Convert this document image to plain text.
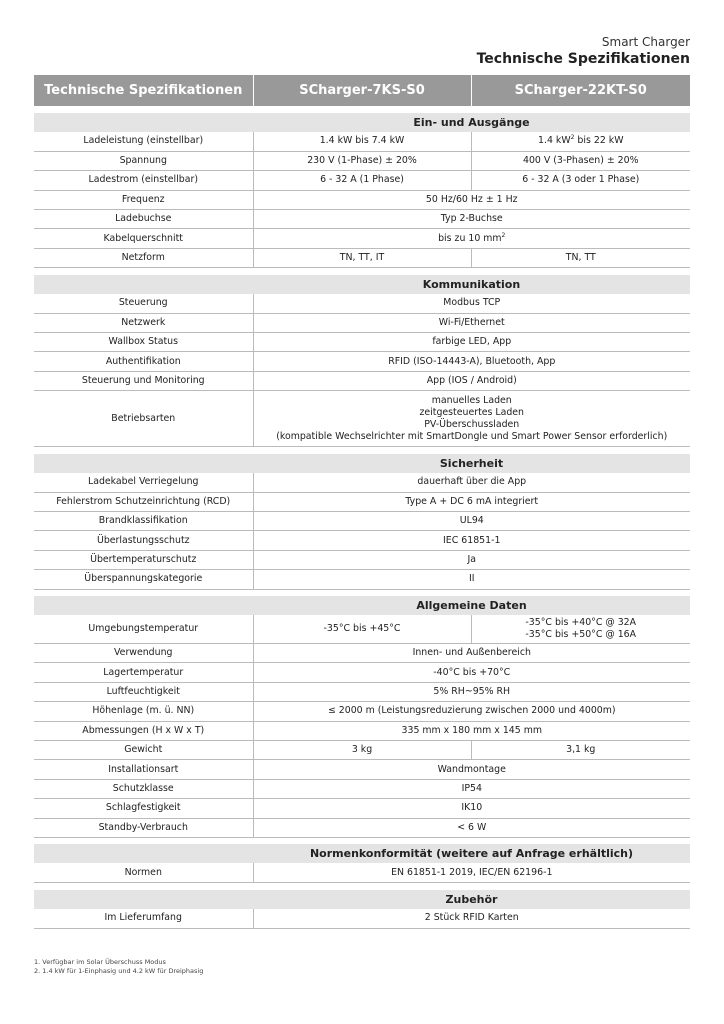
Smart Charger
Technische Spezifikationen
Technische Spezifikationen	SCharger-7KS-S0	SCharger-22KT-S0

Ein- und Ausgänge		

Ladeleistung (einstellbar)	1.4 kW bis 7.4 kW	1.4 $kW^2$ bis 22 kW
Spannung	230 V (1-Phase) ± 20%	400 V (3-Phasen) ± 20%
Ladestrom (einstellbar)	6 - 32 A (1 Phase)	6 - 32 A (3 oder 1 Phase)
Frequenz	50 Hz/60 Hz ± 1 Hz	
Ladebuchse	Typ 2-Buchse	
Kabelquerschnitt	bis zu 10 $mm^2$
Netzform	TN, TT, IT	TN, TT

Kommunikation		

Steuerung	Modbus TCP	
Netzwerk	Wi-Fi/Ethernet	
Wallbox Status	farbige LED, App	
Authentifikation	RFID (ISO-14443-A), Bluetooth, App	
Steuerung und Monitoring	App (IOS / Android)	
Betriebsarten	manuelles Laden
zeitgesteuertes Laden
PV-Überschussladen
(kompatible Wechselrichter mit SmartDongle und Smart Power Sensor erforderlich)	

Sicherheit		

Ladekabel Verriegelung	dauerhaft über die App	
Fehlerstrom Schutzeinrichtung (RCD)	Type A + DC 6 mA integriert	
Brandklassifikation	UL94	
Überlastungsschutz	IEC 61851-1	
Übertemperaturschutz	Ja	
Überspannungskategorie	II	

Allgemeine Daten		

Umgebungstemperatur	-35°C bis +45°C	-35°C bis +40°C @ 32A
-35°C bis +50°C @ 16A

Verwendung	Innen- und Außenbereich	
Lagertemperatur	-40°C bis +70°C	
Luftfeuchtigkeit	5% RH~95% RH	
Höhenlage (m. ü. NN)	≤ 2000 m (Leistungsreduzierung zwischen 2000 und 4000m)	
Abmessungen (H x W x T)	335 mm x 180 mm x 145 mm	
Gewicht	3 kg	3,1 kg
Installationsart	Wandmontage	
Schutzklasse	IP54	
Schlagfestigkeit	IK10	
Standby-Verbrauch	< 6 W	

Normenkonformität (weitere auf Anfrage erhältlich)		

Normen	EN 61851-1 2019, IEC/EN 62196-1	

Zubehör		

Im Lieferumfang	2 Stück RFID Karten	
1. Verfügbar im Solar Überschuss Modus
2. 1.4 kW für 1-Einphasig und 4.2 kW für Dreiphasig
